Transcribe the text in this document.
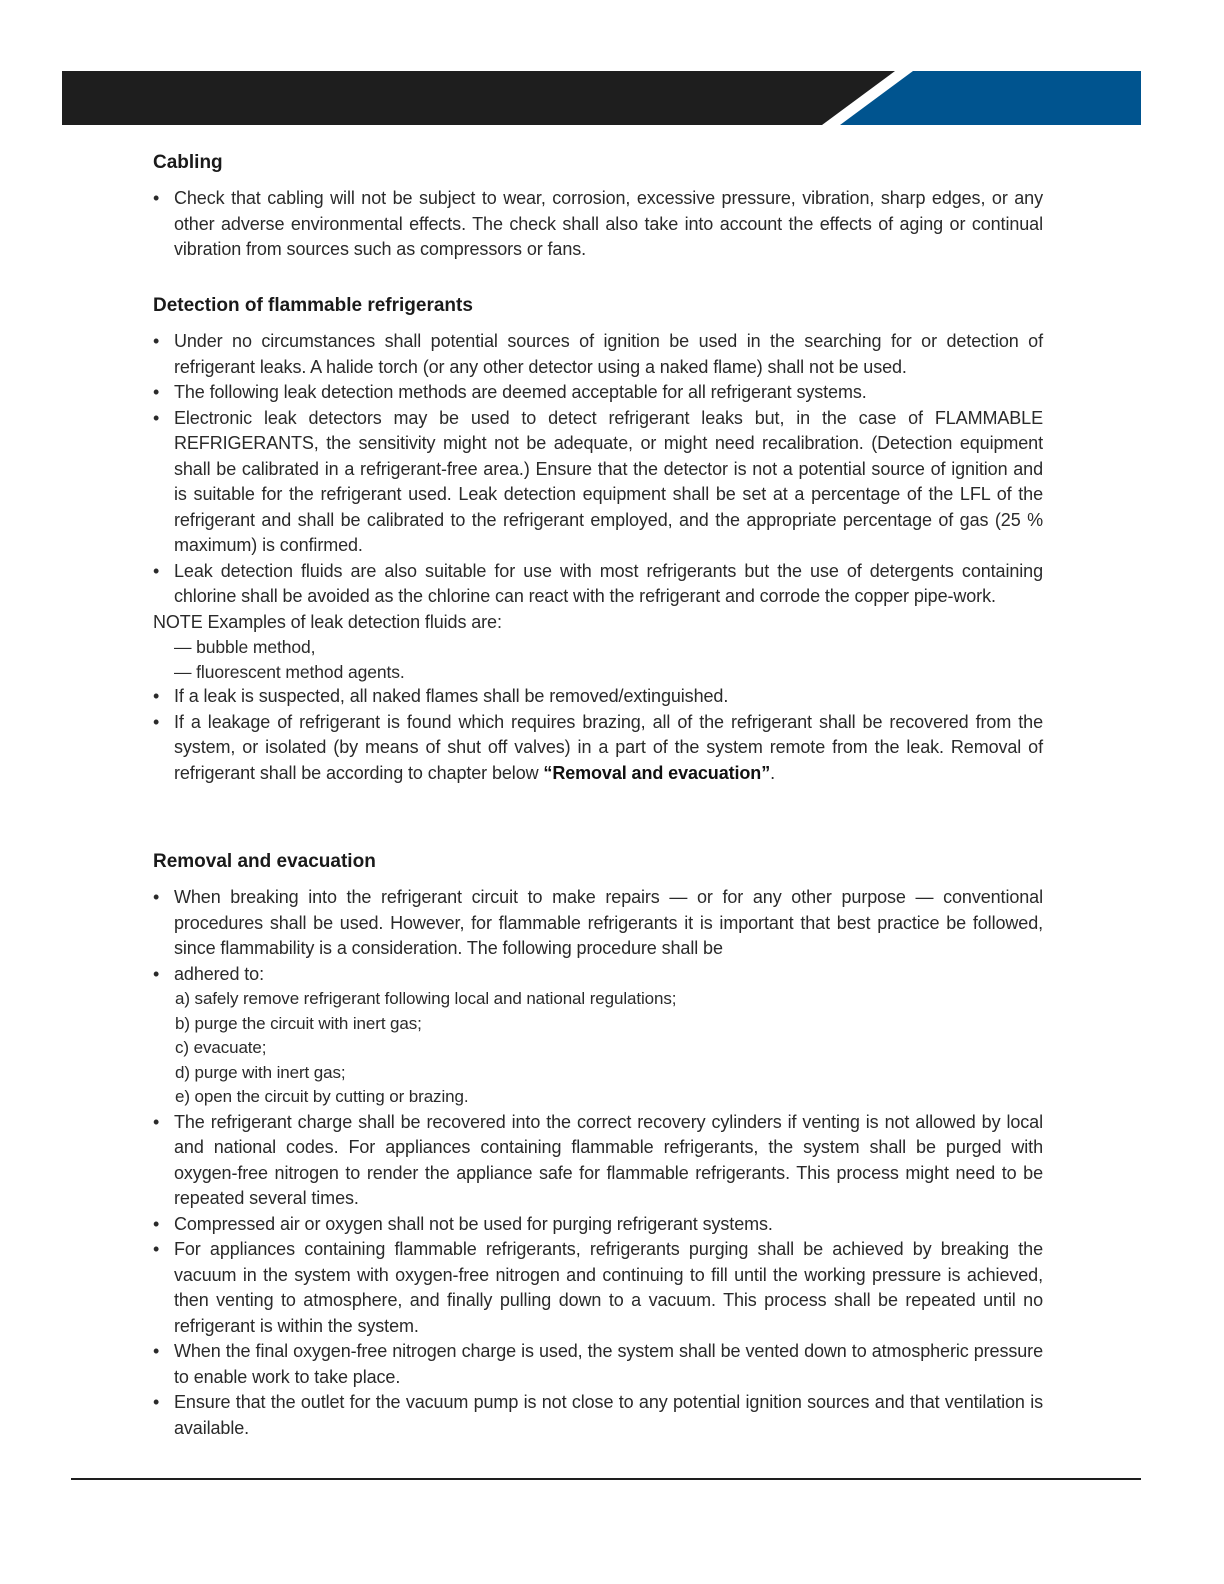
Cabling
• Check that cabling will not be subject to wear, corrosion, excessive pressure, vibration, sharp edges, or any other adverse environmental effects. The check shall also take into account the effects of aging or continual vibration from sources such as compressors or fans.
Detection of flammable refrigerants
• Under no circumstances shall potential sources of ignition be used in the searching for or detection of refrigerant leaks. A halide torch (or any other detector using a naked flame) shall not be used.
• The following leak detection methods are deemed acceptable for all refrigerant systems.
• Electronic leak detectors may be used to detect refrigerant leaks but, in the case of FLAMMABLE REFRIGERANTS, the sensitivity might not be adequate, or might need recalibration. (Detection equipment shall be calibrated in a refrigerant-free area.) Ensure that the detector is not a potential source of ignition and is suitable for the refrigerant used. Leak detection equipment shall be set at a percentage of the LFL of the refrigerant and shall be calibrated to the refrigerant employed, and the appropriate percentage of gas (25 % maximum) is confirmed.
• Leak detection fluids are also suitable for use with most refrigerants but the use of detergents containing chlorine shall be avoided as the chlorine can react with the refrigerant and corrode the copper pipe-work.
NOTE Examples of leak detection fluids are:
— bubble method,
— fluorescent method agents.
• If a leak is suspected, all naked flames shall be removed/extinguished.
• If a leakage of refrigerant is found which requires brazing, all of the refrigerant shall be recovered from the system, or isolated (by means of shut off valves) in a part of the system remote from the leak. Removal of refrigerant shall be according to chapter below “Removal and evacuation”.
Removal and evacuation
• When breaking into the refrigerant circuit to make repairs — or for any other purpose — conventional procedures shall be used. However, for flammable refrigerants it is important that best practice be followed, since flammability is a consideration. The following procedure shall be
• adhered to:
a) safely remove refrigerant following local and national regulations;
b) purge the circuit with inert gas;
c) evacuate;
d) purge with inert gas;
e) open the circuit by cutting or brazing.
• The refrigerant charge shall be recovered into the correct recovery cylinders if venting is not allowed by local and national codes. For appliances containing flammable refrigerants, the system shall be purged with oxygen-free nitrogen to render the appliance safe for flammable refrigerants. This process might need to be repeated several times.
• Compressed air or oxygen shall not be used for purging refrigerant systems.
• For appliances containing flammable refrigerants, refrigerants purging shall be achieved by breaking the vacuum in the system with oxygen-free nitrogen and continuing to fill until the working pressure is achieved, then venting to atmosphere, and finally pulling down to a vacuum. This process shall be repeated until no refrigerant is within the system.
• When the final oxygen-free nitrogen charge is used, the system shall be vented down to atmospheric pressure to enable work to take place.
• Ensure that the outlet for the vacuum pump is not close to any potential ignition sources and that ventilation is available.
